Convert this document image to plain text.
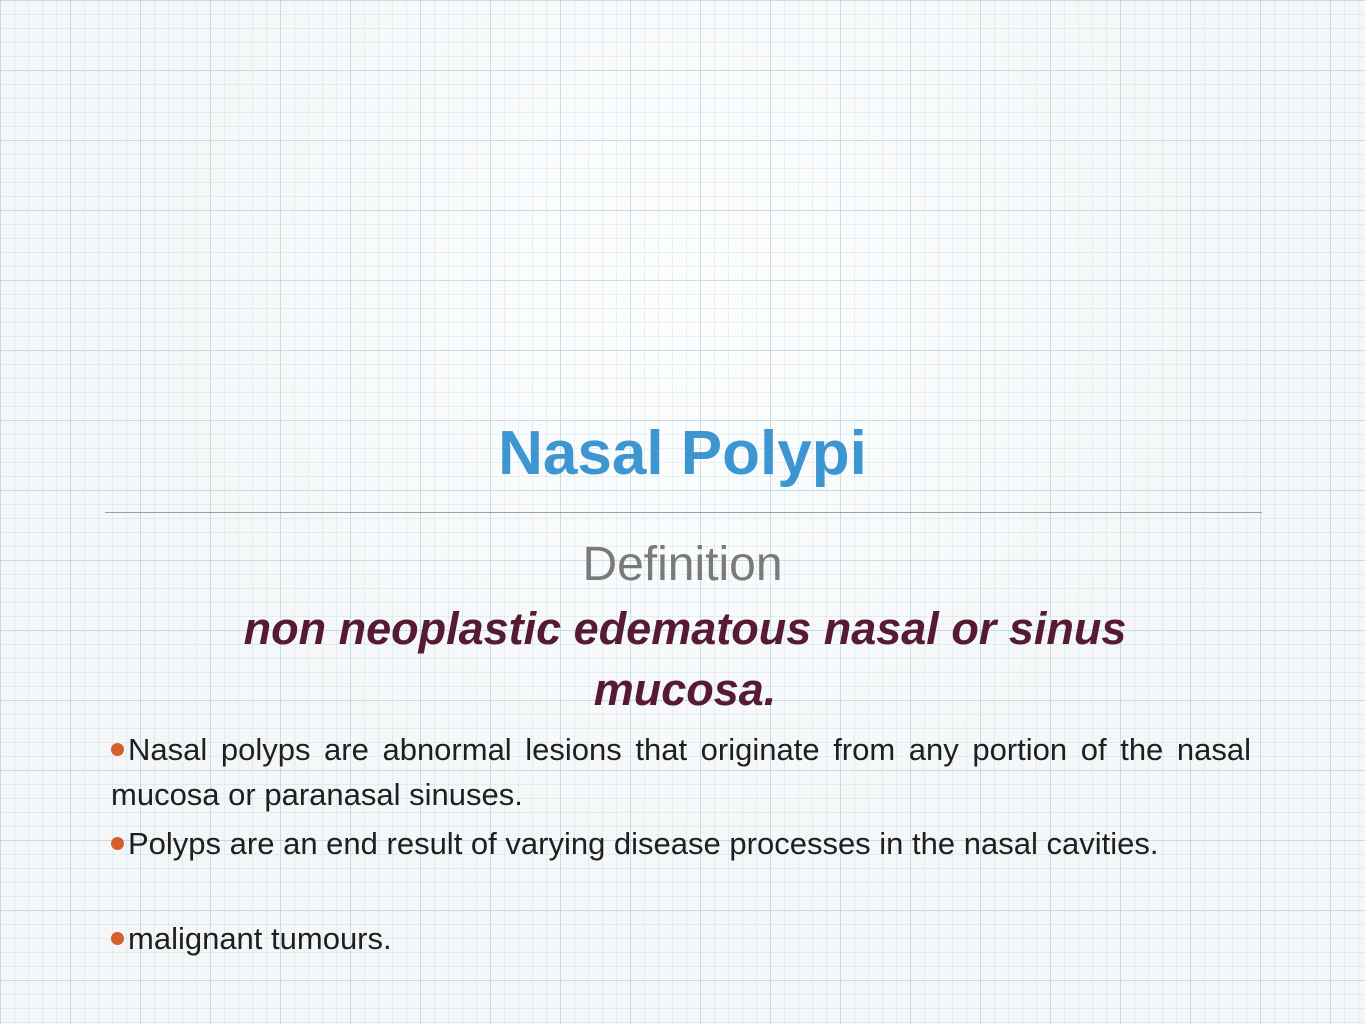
Nasal Polypi
Definition
non neoplastic edematous nasal or sinus mucosa.
Nasal polyps are abnormal lesions that originate from any portion of the nasal mucosa or paranasal sinuses.
Polyps are an end result of varying disease processes in the nasal cavities.
malignant tumours.
